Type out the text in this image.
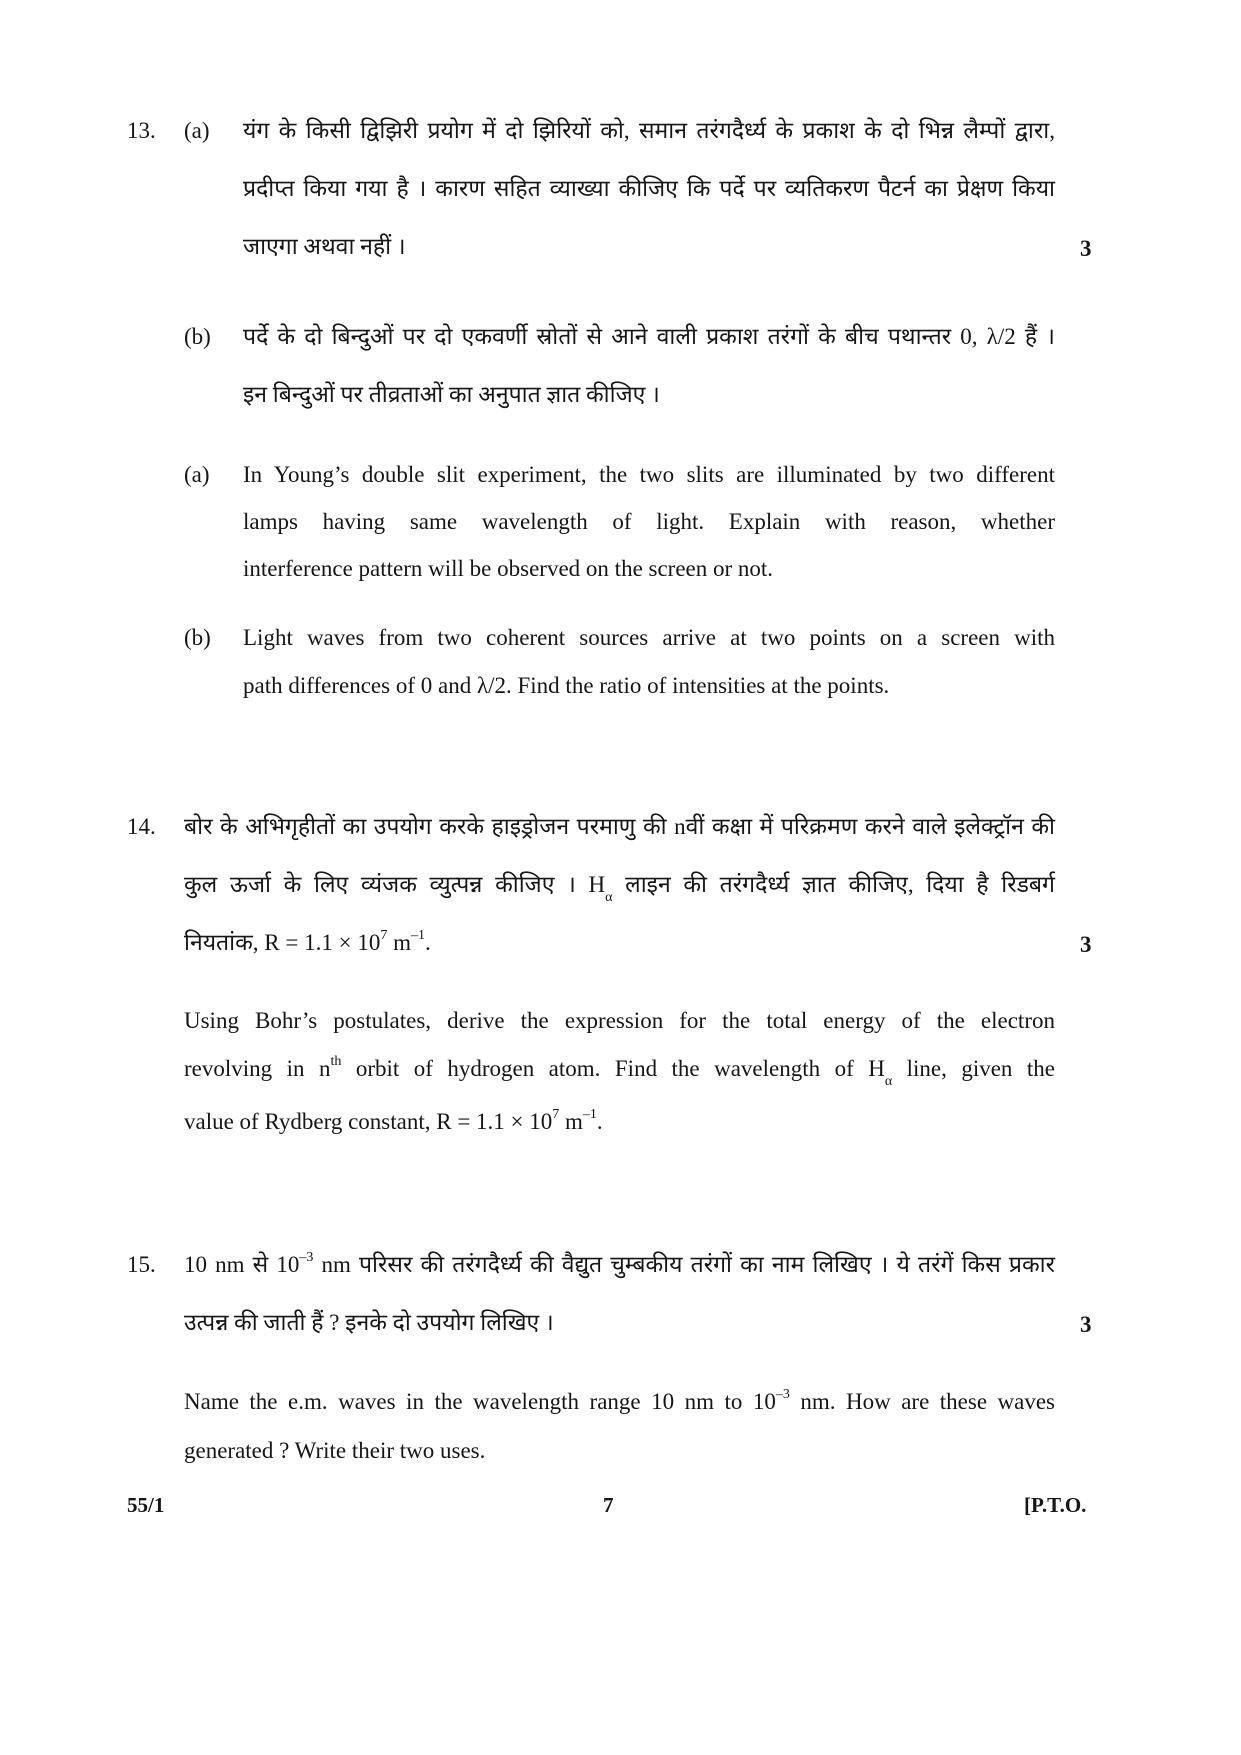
13. (a) यंग के किसी द्विझिरी प्रयोग में दो झिरियों को, समान तरंगदैर्ध्य के प्रकाश के दो भिन्न लैम्पों द्वारा,
प्रदीप्त किया गया है । कारण सहित व्याख्या कीजिए कि पर्दे पर व्यतिकरण पैटर्न का प्रेक्षण किया
जाएगा अथवा नहीं ।	3
(b) पर्दे के दो बिन्दुओं पर दो एकवर्णी स्रोतों से आने वाली प्रकाश तरंगों के बीच पथान्तर 0, λ/2 हैं ।
इन बिन्दुओं पर तीव्रताओं का अनुपात ज्ञात कीजिए ।
(a) In Young’s double slit experiment, the two slits are illuminated by two different
lamps having same wavelength of light. Explain with reason, whether
interference pattern will be observed on the screen or not.
(b) Light waves from two coherent sources arrive at two points on a screen with
path differences of 0 and λ/2. Find the ratio of intensities at the points.
14. बोर के अभिगृहीतों का उपयोग करके हाइड्रोजन परमाणु की nवीं कक्षा में परिक्रमण करने वाले इलेक्ट्रॉन की
कुल ऊर्जा के लिए व्यंजक व्युत्पन्न कीजिए । $H_\alpha$ लाइन की तरंगदैर्ध्य ज्ञात कीजिए, दिया है रिडबर्ग
नियतांक, $R = 1.1 \times 10^7$ $m^{-1}$.	3
Using Bohr’s postulates, derive the expression for the total energy of the electron
revolving in $n^{th}$ orbit of hydrogen atom. Find the wavelength of $H_\alpha$ line, given the
value of Rydberg constant, $R = 1.1 \times 10^7$ $m^{-1}$.
15. 10 nm से $10^{-3}$ nm परिसर की तरंगदैर्ध्य की वैद्युत चुम्बकीय तरंगों का नाम लिखिए । ये तरंगें किस प्रकार
उत्पन्न की जाती हैं ? इनके दो उपयोग लिखिए ।	3
Name the e.m. waves in the wavelength range 10 nm to $10^{-3}$ nm. How are these waves
generated ? Write their two uses.
55/1	7	[P.T.O.
